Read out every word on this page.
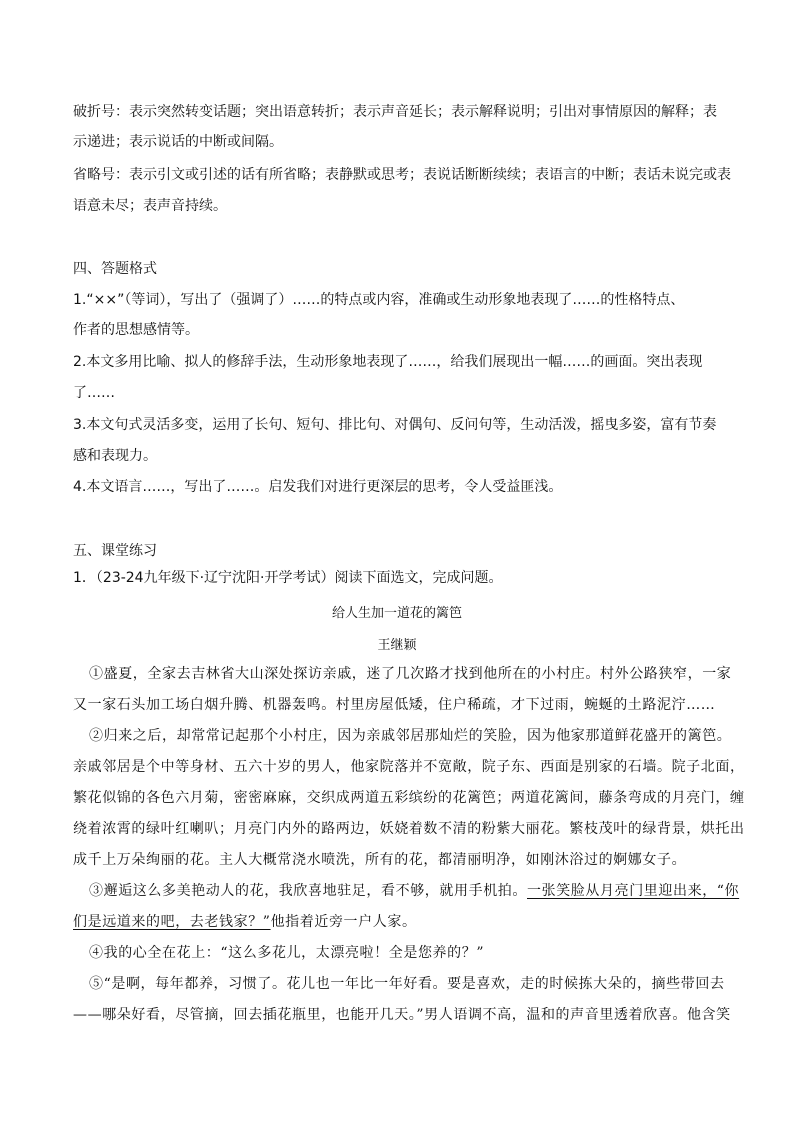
破折号：表示突然转变话题；突出语意转折；表示声音延长；表示解释说明；引出对事情原因的解释；表
示递进；表示说话的中断或间隔。
省略号：表示引文或引述的话有所省略；表静默或思考；表说话断断续续；表语言的中断；表话未说完或表
语意未尽；表声音持续。
四、答题格式
1.“××”（等词），写出了（强调了）……的特点或内容，准确或生动形象地表现了……的性格特点、
作者的思想感情等。
2.本文多用比喻、拟人的修辞手法，生动形象地表现了……，给我们展现出一幅……的画面。突出表现
了……
3.本文句式灵活多变，运用了长句、短句、排比句、对偶句、反问句等，生动活泼，摇曳多姿，富有节奏
感和表现力。
4.本文语言……，写出了……。启发我们对进行更深层的思考，令人受益匪浅。
五、课堂练习
1．（23-24九年级下·辽宁沈阳·开学考试）阅读下面选文，完成问题。
给人生加一道花的篱笆
王继颖
①盛夏，全家去吉林省大山深处探访亲戚，迷了几次路才找到他所在的小村庄。村外公路狭窄，一家
又一家石头加工场白烟升腾、机器轰鸣。村里房屋低矮，住户稀疏，才下过雨，蜿蜒的土路泥泞……
②归来之后，却常常记起那个小村庄，因为亲戚邻居那灿烂的笑脸，因为他家那道鲜花盛开的篱笆。
亲戚邻居是个中等身材、五六十岁的男人，他家院落并不宽敞，院子东、西面是别家的石墙。院子北面，
繁花似锦的各色六月菊，密密麻麻，交织成两道五彩缤纷的花篱笆；两道花篱间，藤条弯成的月亮门，缠
绕着浓霄的绿叶红喇叭；月亮门内外的路两边，妖娆着数不清的粉紫大丽花。繁枝茂叶的绿背景，烘托出
成千上万朵绚丽的花。主人大概常浇水喷洗，所有的花，都清丽明净，如刚沐浴过的婀娜女子。
③邂逅这么多美艳动人的花，我欣喜地驻足，看不够，就用手机拍。一张笑脸从月亮门里迎出来，“你
们是远道来的吧，去老钱家？”他指着近旁一户人家。
④我的心全在花上：“这么多花儿，太漂亮啦！全是您养的？”
⑤“是啊，每年都养，习惯了。花儿也一年比一年好看。要是喜欢，走的时候拣大朵的，摘些带回去
——哪朵好看，尽管摘，回去插花瓶里，也能开几天。”男人语调不高，温和的声音里透着欣喜。他含笑
